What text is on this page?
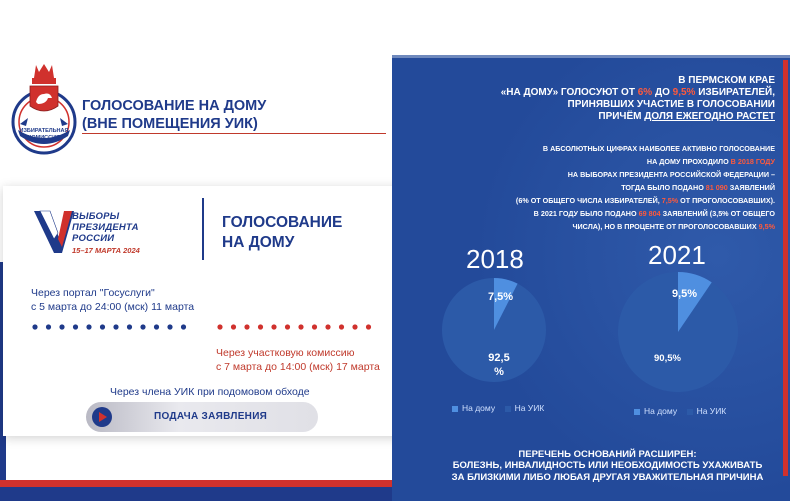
ИЗБИРАТЕЛЬНАЯ КОМИССИЯ
ГОЛОСОВАНИЕ НА ДОМУ
(ВНЕ ПОМЕЩЕНИЯ УИК)
ВЫБОРЫ
ПРЕЗИДЕНТА
РОССИИ
15–17 МАРТА 2024
ГОЛОСОВАНИЕ
НА ДОМУ
Через портал "Госуслуги"
с 5 марта до 24:00 (мск) 11 марта
Через участковую комиссию
с 7 марта до 14:00 (мск) 17 марта
Через члена УИК при подомовом обходе
ПОДАЧА ЗАЯВЛЕНИЯ
В ПЕРМСКОМ КРАЕ
«НА ДОМУ» ГОЛОСУЮТ ОТ 6% ДО 9,5% ИЗБИРАТЕЛЕЙ,
ПРИНЯВШИХ УЧАСТИЕ В ГОЛОСОВАНИИ
ПРИЧЁМ ДОЛЯ ЕЖЕГОДНО РАСТЕТ
В АБСОЛЮТНЫХ ЦИФРАХ НАИБОЛЕЕ АКТИВНО ГОЛОСОВАНИЕ
НА ДОМУ ПРОХОДИЛО В 2018 ГОДУ
НА ВЫБОРАХ ПРЕЗИДЕНТА РОССИЙСКОЙ ФЕДЕРАЦИИ –
ТОГДА БЫЛО ПОДАНО 81 090 ЗАЯВЛЕНИЙ
(6% ОТ ОБЩЕГО ЧИСЛА ИЗБИРАТЕЛЕЙ, 7,5% ОТ ПРОГОЛОСОВАВШИХ).
В 2021 ГОДУ БЫЛО ПОДАНО 69 804 ЗАЯВЛЕНИЙ (3,5% ОТ ОБЩЕГО
ЧИСЛА), НО В ПРОЦЕНТЕ ОТ ПРОГОЛОСОВАВШИХ 9,5%
2018	2021
7,5%
92,5 %
9,5%
90,5%
На дому На УИК	На дому На УИК
ПЕРЕЧЕНЬ ОСНОВАНИЙ РАСШИРЕН:
БОЛЕЗНЬ, ИНВАЛИДНОСТЬ ИЛИ НЕОБХОДИМОСТЬ УХАЖИВАТЬ
ЗА БЛИЗКИМИ ЛИБО ЛЮБАЯ ДРУГАЯ УВАЖИТЕЛЬНАЯ ПРИЧИНА
